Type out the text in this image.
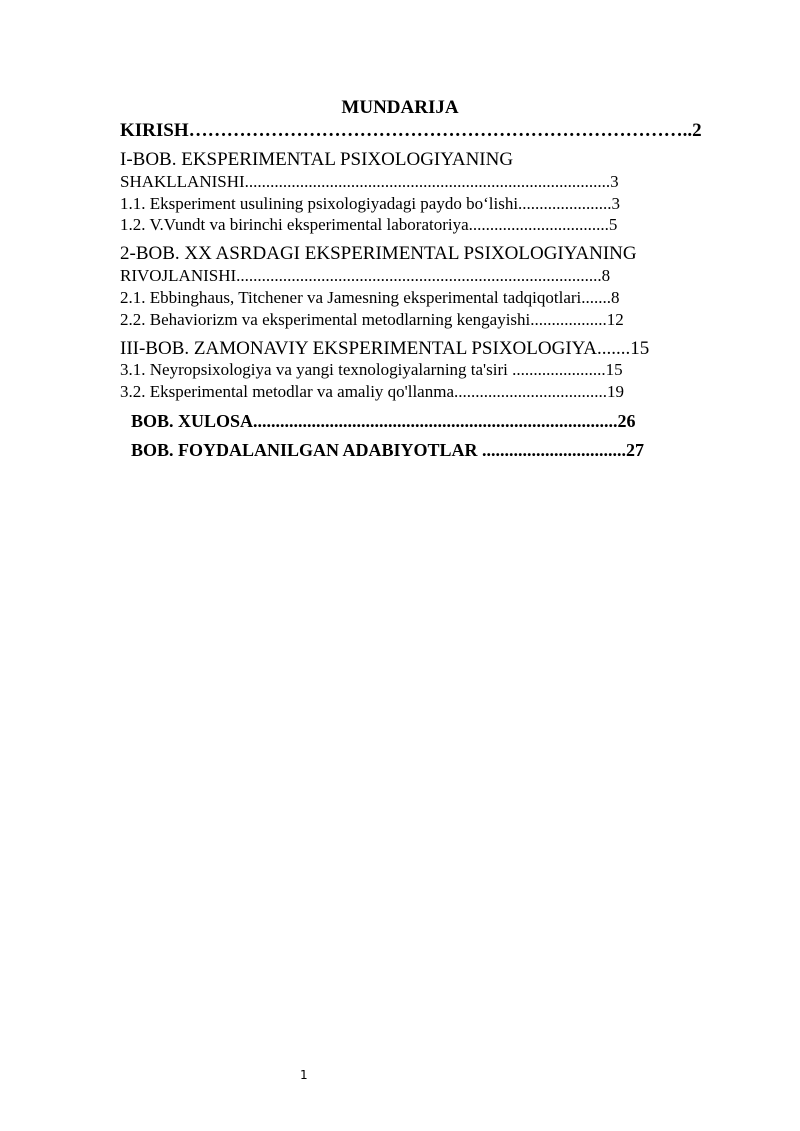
MUNDARIJA
KIRISH……………………………………………………………………..2
I-BOB. EKSPERIMENTAL PSIXOLOGIYANING
SHAKLLANISHI......................................................................................3
1.1. Eksperiment usulining psixologiyadagi paydo bo‘lishi......................3
1.2. V.Vundt va birinchi eksperimental laboratoriya.................................5
2-BOB. XX ASRDAGI EKSPERIMENTAL PSIXOLOGIYANING
RIVOJLANISHI......................................................................................8
2.1. Ebbinghaus, Titchener va Jamesning eksperimental tadqiqotlari.......8
2.2. Behaviorizm va eksperimental metodlarning kengayishi..................12
III-BOB. ZAMONAVIY EKSPERIMENTAL PSIXOLOGIYA.......15
3.1. Neyropsixologiya va yangi texnologiyalarning ta'siri ......................15
3.2. Eksperimental metodlar va amaliy qo'llanma....................................19
BOB. XULOSA.................................................................................26
BOB. FOYDALANILGAN ADABIYOTLAR ................................27
1
